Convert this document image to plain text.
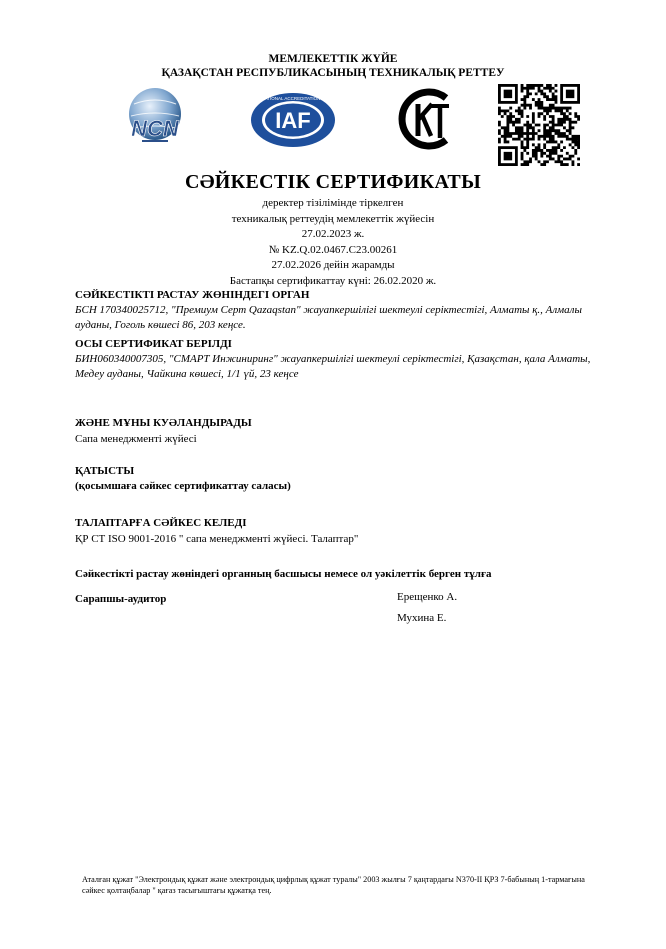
МЕМЛЕКЕТТІК ЖҮЙЕ
ҚАЗАҚСТАН РЕСПУБЛИКАСЫНЫҢ ТЕХНИКАЛЫҚ РЕТТЕУ
NCN	IAF
INTERNATIONAL ACCREDITATION FORUM
СӘЙКЕСТІК СЕРТИФИКАТЫ
деректер тізілімінде тіркелген
техникалық реттеудің мемлекеттік жүйесін
27.02.2023 ж.
№ KZ.Q.02.0467.C23.00261
27.02.2026 дейін жарамды
Бастапқы сертификаттау күні: 26.02.2020 ж.
СӘЙКЕСТІКТІ РАСТАУ ЖӨНІНДЕГІ ОРГАН
БСН 170340025712, "Премиум Серт Qazaqstan" жауапкершілігі шектеулі серіктестігі, Алматы қ., Алмалы ауданы, Гоголь көшесі 86, 203 кеңсе.
ОСЫ СЕРТИФИКАТ БЕРІЛДІ
БИН060340007305, "СМАРТ Инжиниринг" жауапкершілігі шектеулі серіктестігі, Қазақстан, қала Алматы, Медеу ауданы, Чайкина көшесі, 1/1 үй, 23 кеңсе
ЖӘНЕ МҰНЫ КУӘЛАНДЫРАДЫ
Сапа менеджменті жүйесі
ҚАТЫСТЫ
(қосымшаға сәйкес сертификаттау саласы)
ТАЛАПТАРҒА СӘЙКЕС КЕЛЕДІ
ҚР СТ ISO 9001-2016 " сапа менеджменті жүйесі. Талаптар"
Сәйкестікті растау жөніндегі органның басшысы немесе ол уәкілеттік берген тұлға
Сарапшы-аудитор	Ерещенко А.
Мухина Е.
Аталған құжат "Электрондық құжат және электрондық цифрлық құжат туралы" 2003 жылғы 7 қаңтардағы N370-II ҚРЗ 7-бабының 1-тармағына сәйкес қолтаңбалар " қағаз тасығыштағы құжатқа тең.
